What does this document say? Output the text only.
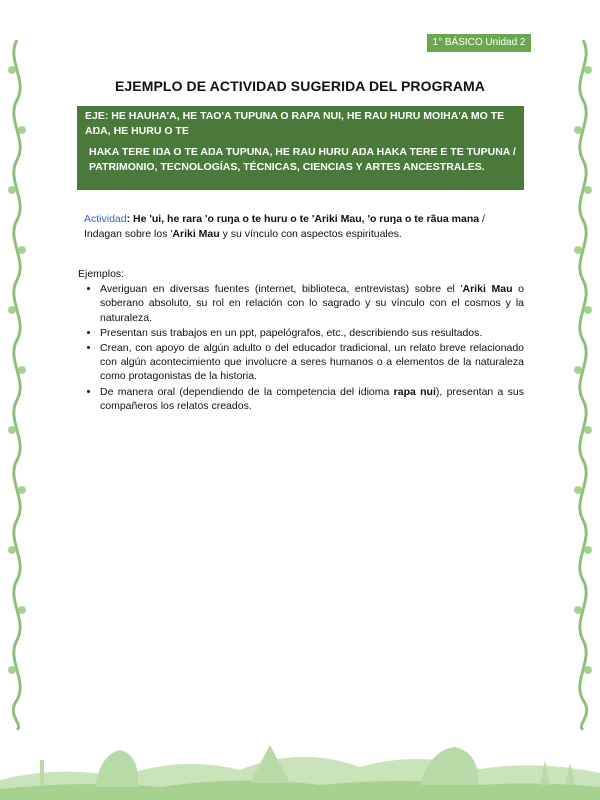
1° BÁSICO Unidad 2
EJEMPLO DE ACTIVIDAD SUGERIDA DEL PROGRAMA

EJE: HE HAUHA'A, HE TAO'A TUPUNA O RAPA NUI, HE RAU HURU MOIHA'A MO TE AŊA, HE HURU O TE

HAKA TERE IŊA O TE AŊA TUPUNA, HE RAU HURU AŊA HAKA TERE E TE TUPUNA / PATRIMONIO, TECNOLOGÍAS, TÉCNICAS, CIENCIAS Y ARTES ANCESTRALES.

Actividad: He 'ui, he rara 'o ruŋa o te huru o te 'Ariki Mau, 'o ruŋa o te rãua mana / Indagan sobre los 'Ariki Mau y su vínculo con aspectos espirituales.
Ejemplos:
• Averiguan en diversas fuentes (internet, biblioteca, entrevistas) sobre el 'Ariki Mau o soberano absoluto, su rol en relación con lo sagrado y su vínculo con el cosmos y la naturaleza.
• Presentan sus trabajos en un ppt, papelógrafos, etc., describiendo sus resultados.
• Crean, con apoyo de algún adulto o del educador tradicional, un relato breve relacionado con algún acontecimiento que involucre a seres humanos o a elementos de la naturaleza como protagonistas de la historia.
• De manera oral (dependiendo de la competencia del idioma rapa nui), presentan a sus compañeros los relatos creados.
